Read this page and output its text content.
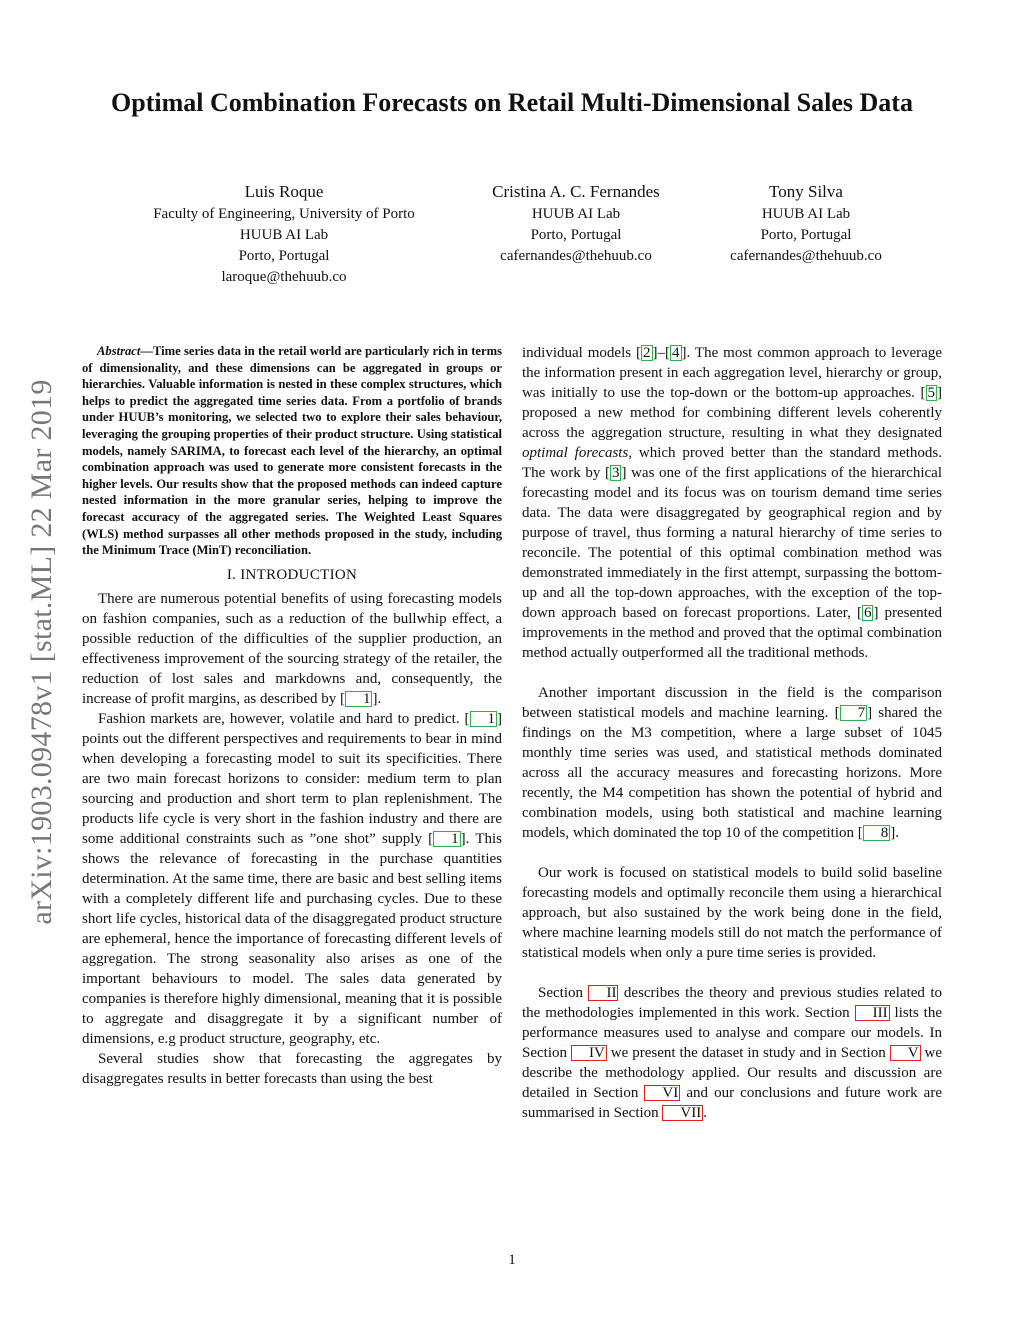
Optimal Combination Forecasts on Retail Multi-Dimensional Sales Data
Luis Roque
Faculty of Engineering, University of Porto
HUUB AI Lab
Porto, Portugal
laroque@thehuub.co
Cristina A. C. Fernandes
HUUB AI Lab
Porto, Portugal
cafernandes@thehuub.co
Tony Silva
HUUB AI Lab
Porto, Portugal
cafernandes@thehuub.co
arXiv:1903.09478v1 [stat.ML] 22 Mar 2019

Abstract—Time series data in the retail world are particularly rich in terms of dimensionality, and these dimensions can be aggregated in groups or hierarchies. Valuable information is nested in these complex structures, which helps to predict the aggregated time series data. From a portfolio of brands under HUUB’s monitoring, we selected two to explore their sales behaviour, leveraging the grouping properties of their product structure. Using statistical models, namely SARIMA, to forecast each level of the hierarchy, an optimal combination approach was used to generate more consistent forecasts in the higher levels. Our results show that the proposed methods can indeed capture nested information in the more granular series, helping to improve the forecast accuracy of the aggregated series. The Weighted Least Squares (WLS) method surpasses all other methods proposed in the study, including the Minimum Trace (MinT) reconciliation.

I. INTRODUCTION

There are numerous potential benefits of using forecasting models on fashion companies, such as a reduction of the bullwhip effect, a possible reduction of the difficulties of the supplier production, an effectiveness improvement of the sourcing strategy of the retailer, the reduction of lost sales and markdowns and, consequently, the increase of profit margins, as described by [ 1 ].

Fashion markets are, however, volatile and hard to predict. [ 1 ] points out the different perspectives and requirements to bear in mind when developing a forecasting model to suit its specificities. There are two main forecast horizons to consider: medium term to plan sourcing and production and short term to plan replenishment. The products life cycle is very short in the fashion industry and there are some additional constraints such as ”one shot” supply [ 1 ]. This shows the relevance of forecasting in the purchase quantities determination. At the same time, there are basic and best selling items with a completely different life and purchasing cycles. Due to these short life cycles, historical data of the disaggregated product structure are ephemeral, hence the importance of forecasting different levels of aggregation. The strong seasonality also arises as one of the important behaviours to model. The sales data generated by companies is therefore highly dimensional, meaning that it is possible to aggregate and disaggregate it by a significant number of dimensions, e.g product structure, geography, etc.

Several studies show that forecasting the aggregates by disaggregates results in better forecasts than using the best

individual models [ 2 ]–[ 4 ]. The most common approach to leverage the information present in each aggregation level, hierarchy or group, was initially to use the top-down or the bottom-up approaches. [ 5 ] proposed a new method for combining different levels coherently across the aggregation structure, resulting in what they designated optimal forecasts, which proved better than the standard methods. The work by [ 3 ] was one of the first applications of the hierarchical forecasting model and its focus was on tourism demand time series data. The data were disaggregated by geographical region and by purpose of travel, thus forming a natural hierarchy of time series to reconcile. The potential of this optimal combination method was demonstrated immediately in the first attempt, surpassing the bottom-up and all the top-down approaches, with the exception of the top-down approach based on forecast proportions. Later, [ 6 ] presented improvements in the method and proved that the optimal combination method actually outperformed all the traditional methods.

Another important discussion in the field is the comparison between statistical models and machine learning. [ 7 ] shared the findings on the M3 competition, where a large subset of 1045 monthly time series was used, and statistical methods dominated across all the accuracy measures and forecasting horizons. More recently, the M4 competition has shown the potential of hybrid and combination models, using both statistical and machine learning models, which dominated the top 10 of the competition [ 8 ].

Our work is focused on statistical models to build solid baseline forecasting models and optimally reconcile them using a hierarchical approach, but also sustained by the work being done in the field, where machine learning models still do not match the performance of statistical models when only a pure time series is provided.

Section II describes the theory and previous studies related to the methodologies implemented in this work. Section III lists the performance measures used to analyse and compare our models. In Section IV we present the dataset in study and in Section V we describe the methodology applied. Our results and discussion are detailed in Section VI and our conclusions and future work are summarised in Section VII .

1
